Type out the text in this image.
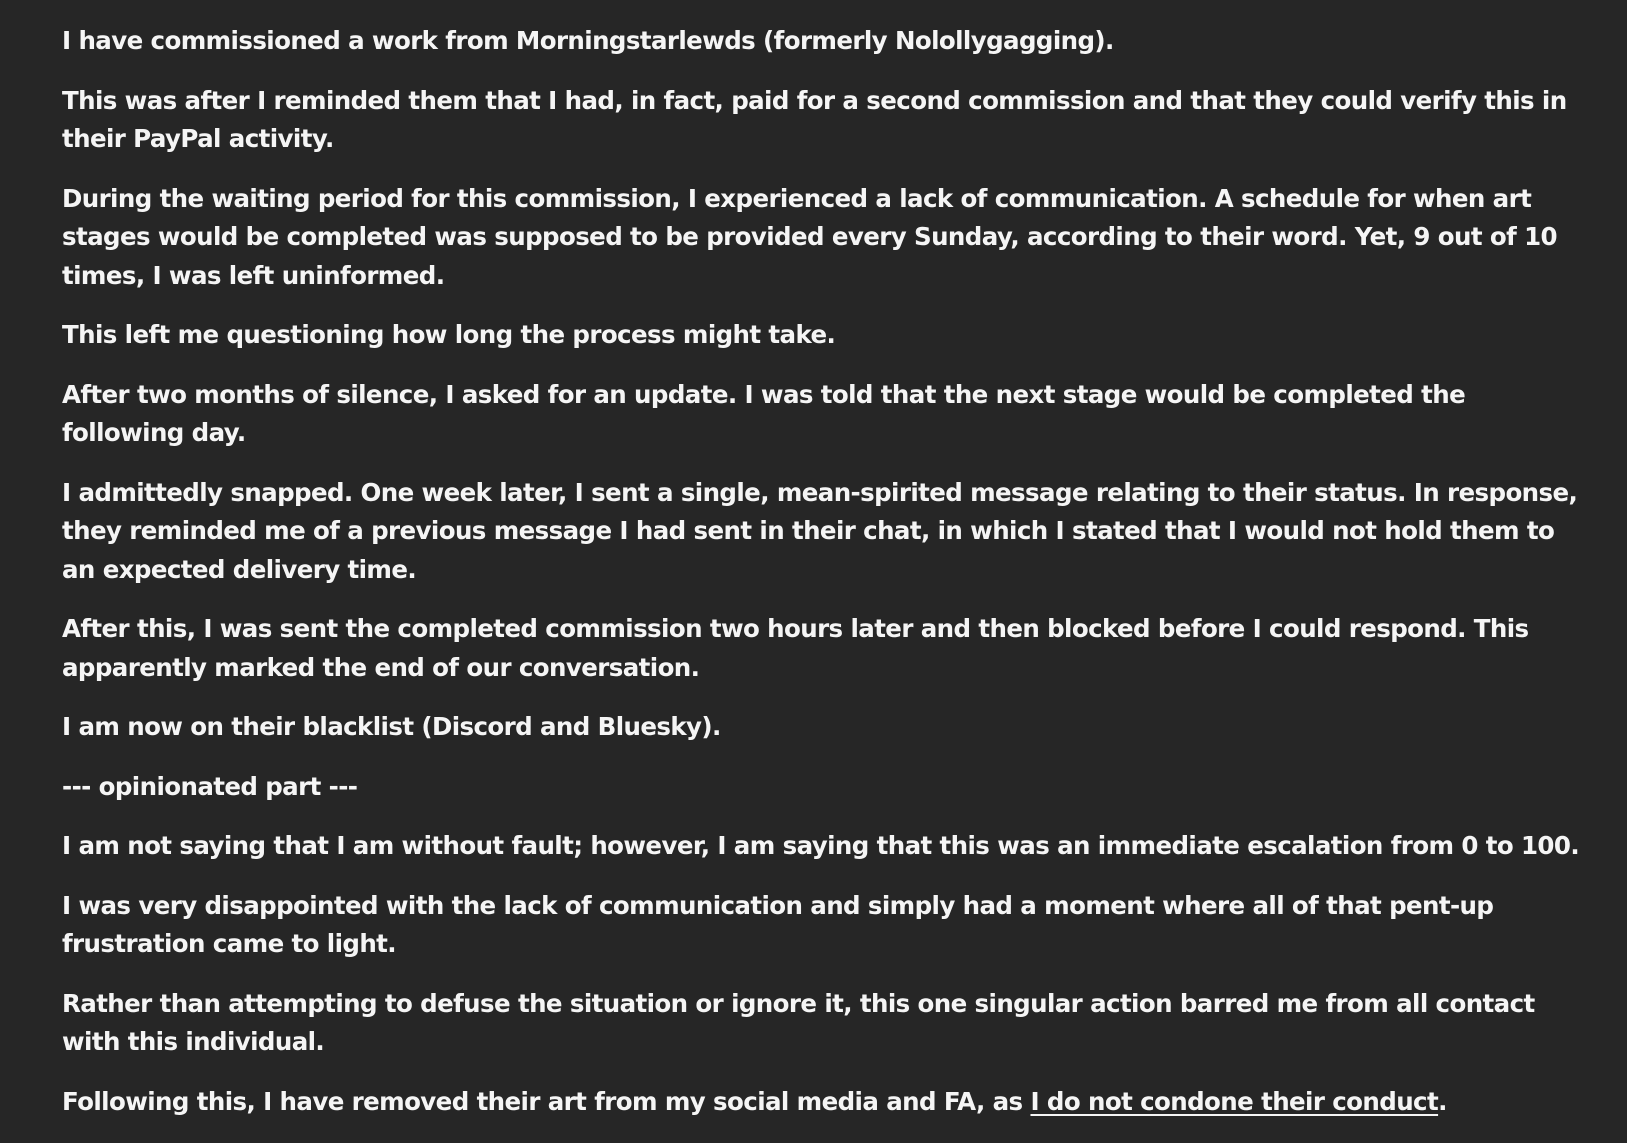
I have commissioned a work from Morningstarlewds (formerly Nolollygagging).

This was after I reminded them that I had, in fact, paid for a second commission and that they could verify this in their PayPal activity.

During the waiting period for this commission, I experienced a lack of communication. A schedule for when art stages would be completed was supposed to be provided every Sunday, according to their word. Yet, 9 out of 10 times, I was left uninformed.

This left me questioning how long the process might take.

After two months of silence, I asked for an update. I was told that the next stage would be completed the following day.

I admittedly snapped. One week later, I sent a single, mean-spirited message relating to their status. In response, they reminded me of a previous message I had sent in their chat, in which I stated that I would not hold them to an expected delivery time.

After this, I was sent the completed commission two hours later and then blocked before I could respond. This apparently marked the end of our conversation.

I am now on their blacklist (Discord and Bluesky).

--- opinionated part ---

I am not saying that I am without fault; however, I am saying that this was an immediate escalation from 0 to 100.

I was very disappointed with the lack of communication and simply had a moment where all of that pent-up frustration came to light.

Rather than attempting to defuse the situation or ignore it, this one singular action barred me from all contact with this individual.

Following this, I have removed their art from my social media and FA, as I do not condone their conduct.
